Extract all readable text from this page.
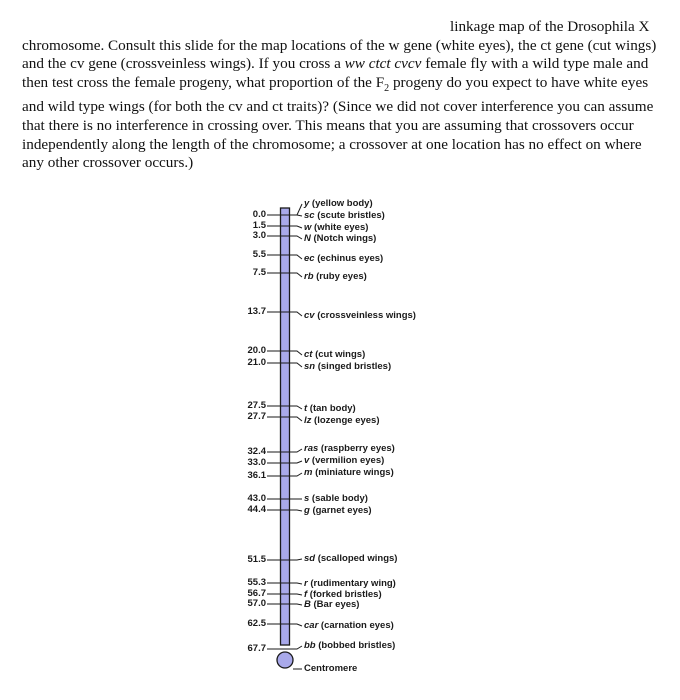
linkage map of the Drosophila X
chromosome. Consult this slide for the map locations of the w gene (white eyes), the ct gene (cut wings) and the cv gene (crossveinless wings). If you cross a ww ctct cvcv female fly with a wild type male and then test cross the female progeny, what proportion of the $F_2$ progeny do you expect to have white eyes and wild type wings (for both the cv and ct traits)? (Since we did not cover interference you can assume that there is no interference in crossing over. This means that you are assuming that crossovers occur independently along the length of the chromosome; a crossover at one location has no effect on where any other crossover occurs.)
0.0
1.5
3.0
5.5
7.5
13.7
20.0
21.0
27.5
27.7
32.4
33.0
36.1
43.0
44.4
51.5
55.3
56.7
57.0
62.5
67.7
y (yellow body)
sc (scute bristles)
w (white eyes)
N (Notch wings)
ec (echinus eyes)
rb (ruby eyes)
cv (crossveinless wings)
ct (cut wings)
sn (singed bristles)
t (tan body)
lz (lozenge eyes)
ras (raspberry eyes)
v (vermilion eyes)
m (miniature wings)
s (sable body)
g (garnet eyes)
sd (scalloped wings)
r (rudimentary wing)
f (forked bristles)
B (Bar eyes)
car (carnation eyes)
bb (bobbed bristles)
Centromere
